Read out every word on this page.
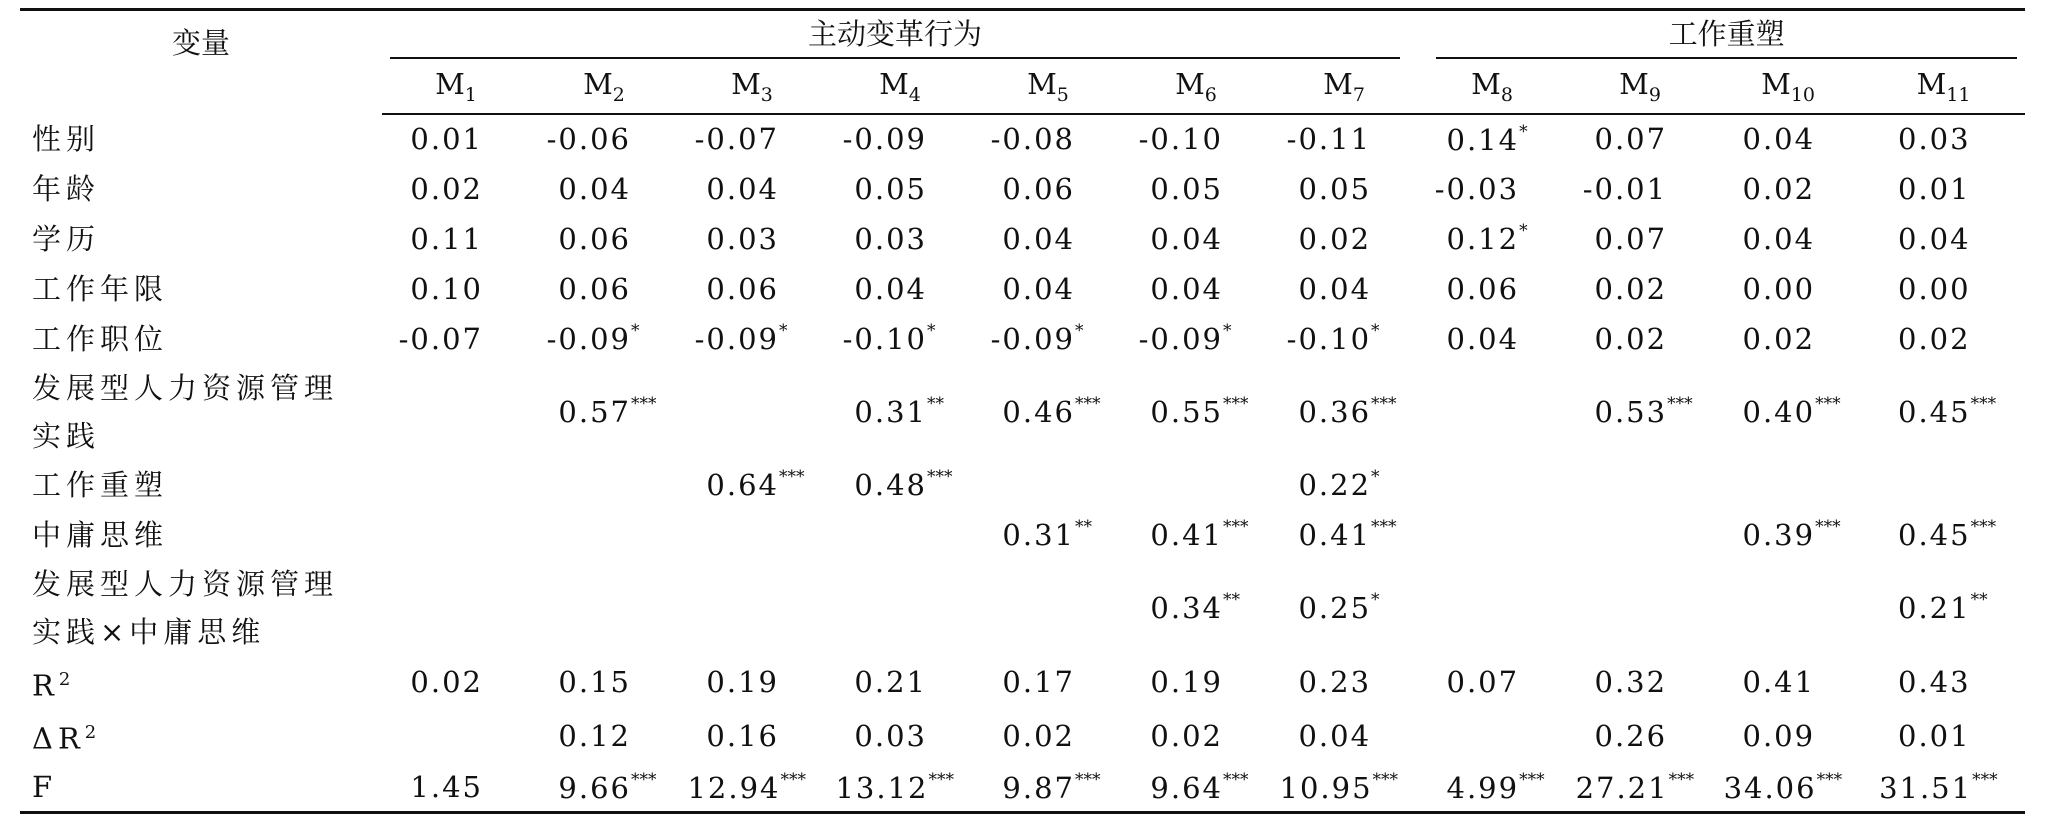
变量	主动变革行为							工作重塑			

	$M_1$	$M_2$	$M_3$	$M_4$	$M_5$	$M_6$	$M_7$	$M_8$	$M_9$	$M_{10}$	$M_{11}$

性别	0.01	-0.06	-0.07	-0.09	-0.08	-0.10	-0.11	0.14*	0.07	0.04	0.03

年龄	0.02	0.04	0.04	0.05	0.06	0.05	0.05	-0.03	-0.01	0.02	0.01

学历	0.11	0.06	0.03	0.03	0.04	0.04	0.02	0.12*	0.07	0.04	0.04

工作年限	0.10	0.06	0.06	0.04	0.04	0.04	0.04	0.06	0.02	0.00	0.00

工作职位	-0.07	-0.09*	-0.09*	-0.10*	-0.09*	-0.09*	-0.10*	0.04	0.02	0.02	0.02

发展型人力资源管理
实践		0.57***		0.31**	0.46***	0.55***	0.36***		0.53***	0.40***	0.45***

工作重塑			0.64***	0.48***			0.22*				

中庸思维					0.31**	0.41***	0.41***			0.39***	0.45***

发展型人力资源管理
实践×中庸思维						0.34**	0.25*				0.21**

$R^2$	0.02	0.15	0.19	0.21	0.17	0.19	0.23	0.07	0.32	0.41	0.43

$\Delta R^2$		0.12	0.16	0.03	0.02	0.02	0.04		0.26	0.09	0.01

F	1.45	9.66***	12.94***	13.12***	9.87***	9.64***	10.95***	4.99***	27.21***	34.06***	31.51***
